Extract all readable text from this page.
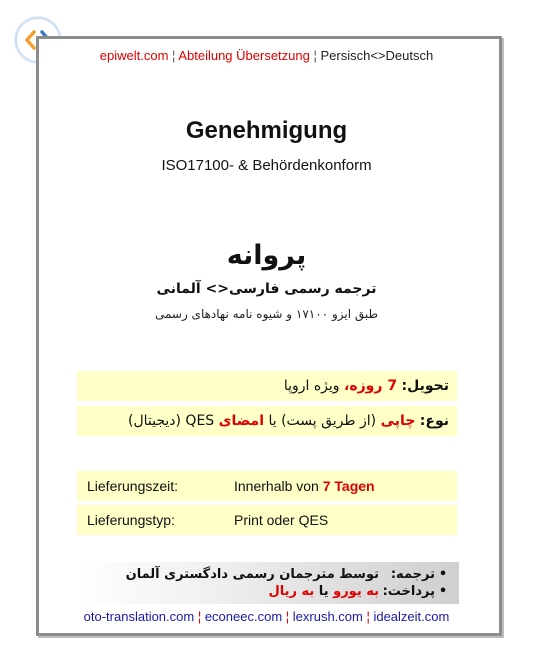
epiwelt.com ¦ Abteilung Übersetzung ¦ Persisch<>Deutsch
Genehmigung
ISO17100- & Behördenkonform
پروانه
ترجمه رسمی فارسی<> آلمانی
طبق ایزو ۱۷۱۰۰ و شیوه نامه نهادهای رسمی
تحویل: 7 روزه، ویژه اروپا
نوع: چاپی (از طریق پست) یا امضای QES (دیجیتال)
Lieferungszeit:	Innerhalb von 7 Tagen
Lieferungstyp:	Print oder QES
•ترجمه:توسط مترجمان رسمی دادگستری آلمان
•پرداخت:به یورو یا به ریال
oto-translation.com ¦ econeec.com ¦ lexrush.com ¦ idealzeit.com
